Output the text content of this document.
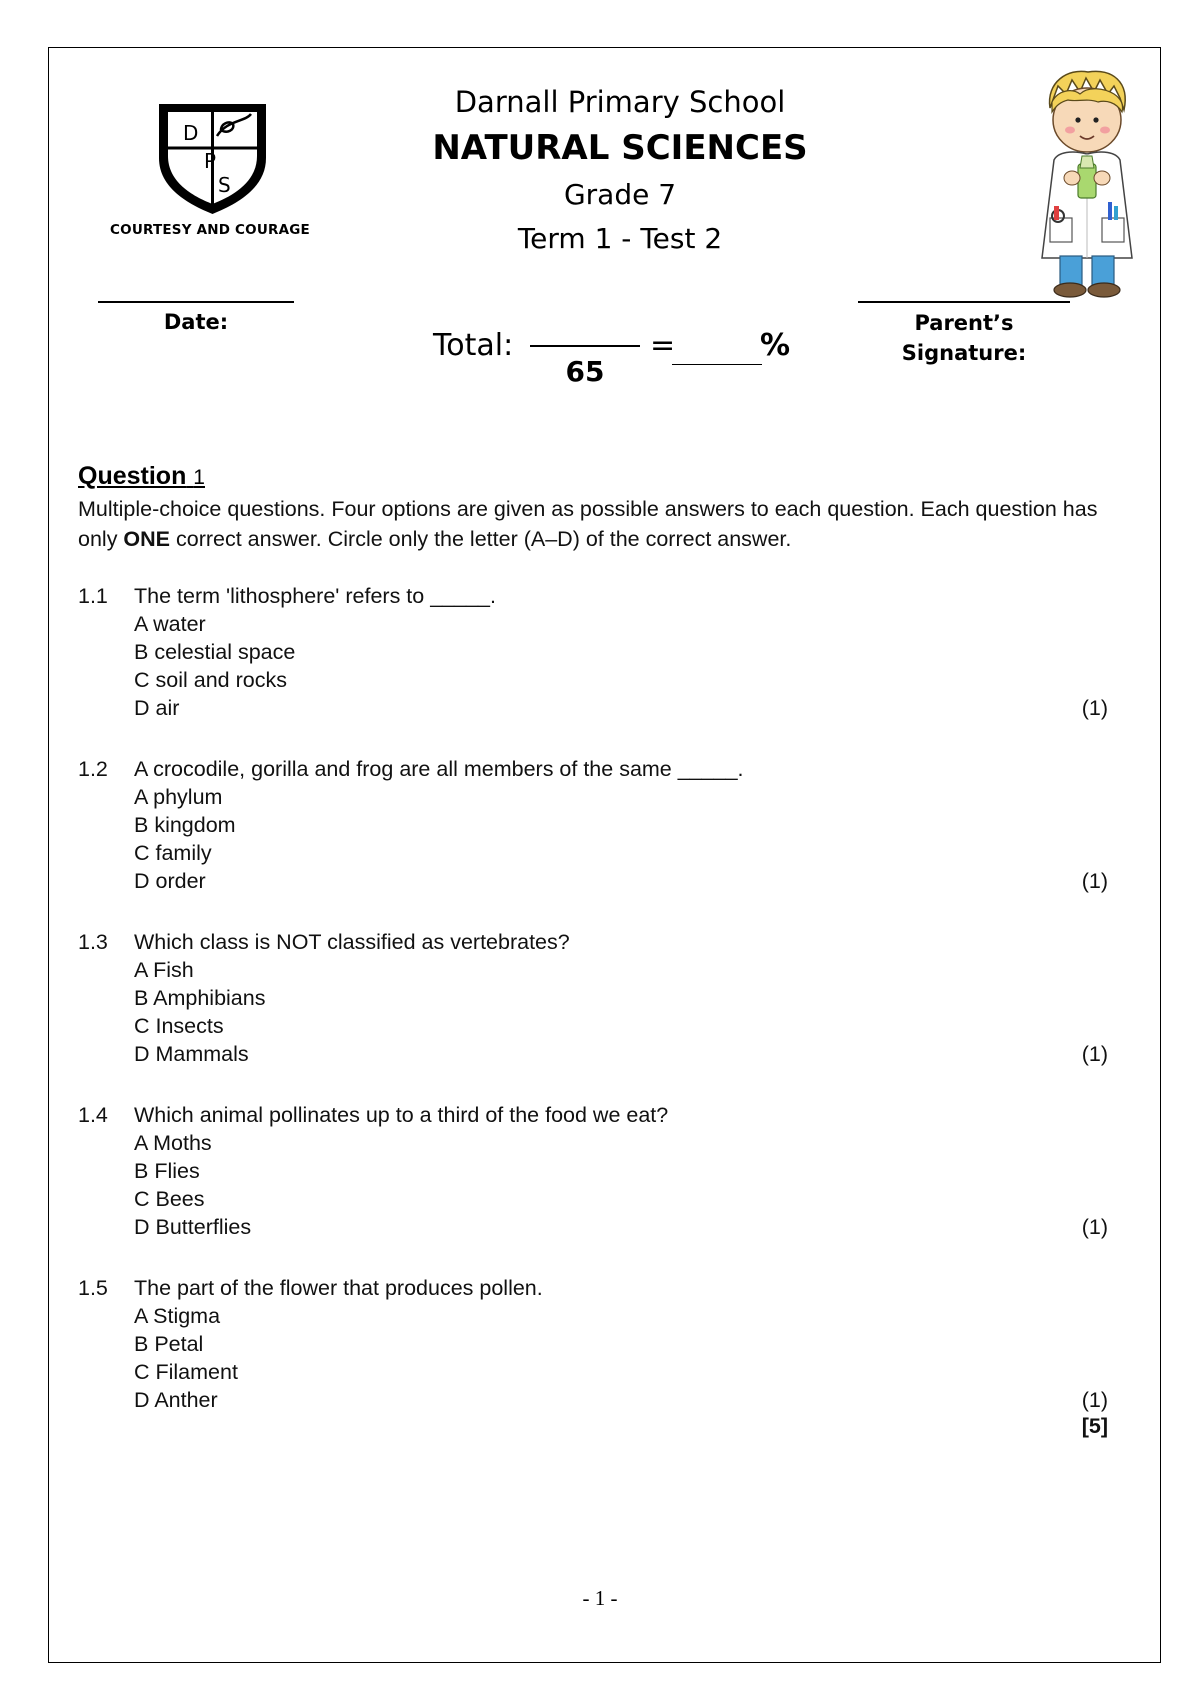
D
P
S
COURTESY AND COURAGE
Darnall Primary School
NATURAL SCIENCES
Grade 7
Term 1 - Test 2
Date:	Parent’s
Signature:
Total:
65
=	%
Question 1
Multiple-choice questions. Four options are given as possible answers to each question. Each question has only ONE correct answer. Circle only the letter (A–D) of the correct answer.
1.1	The term 'lithosphere' refers to _____.
A water
B celestial space
C soil and rocks
D air	(1)
1.2	A crocodile, gorilla and frog are all members of the same _____.
A phylum
B kingdom
C family
D order	(1)
1.3	Which class is NOT classified as vertebrates?
A Fish
B Amphibians
C Insects
D Mammals	(1)
1.4	Which animal pollinates up to a third of the food we eat?
A Moths
B Flies
C Bees
D Butterflies	(1)
1.5	The part of the flower that produces pollen.
A Stigma
B Petal
C Filament
D Anther	(1)
[5]
- 1 -
